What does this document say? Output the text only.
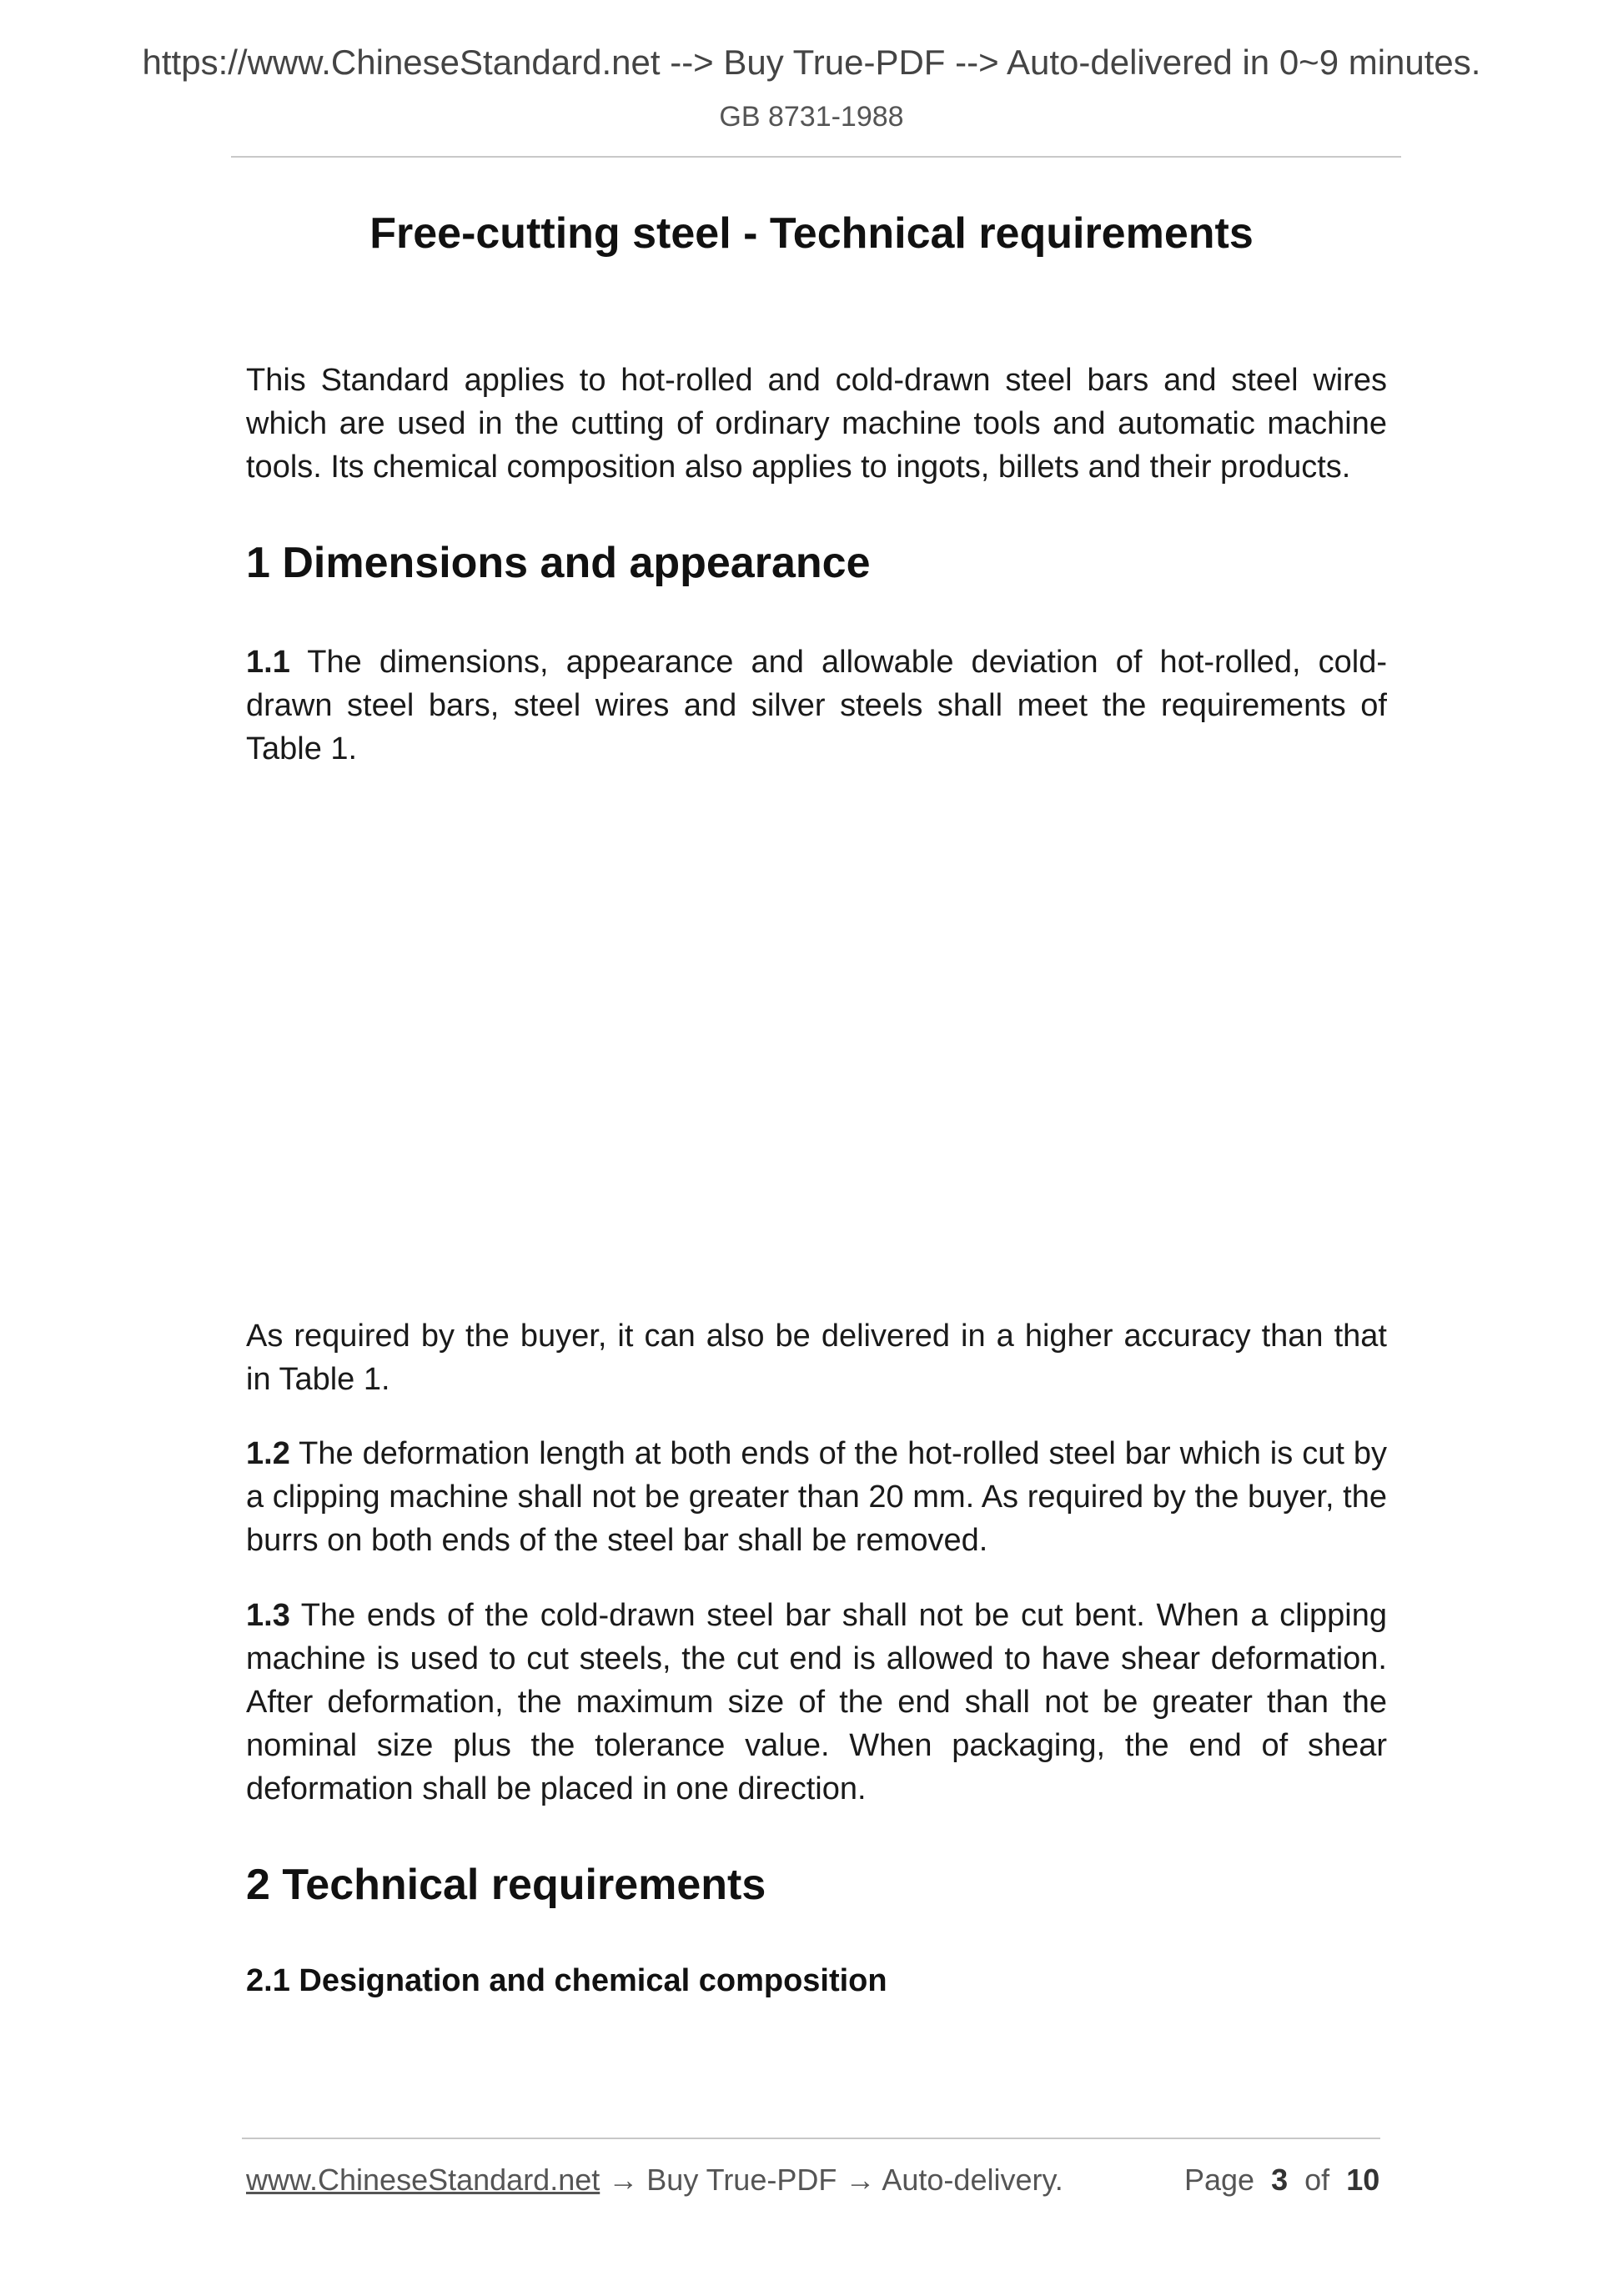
https://www.ChineseStandard.net --> Buy True-PDF --> Auto-delivered in 0~9 minutes.
GB 8731-1988
Free-cutting steel - Technical requirements
This Standard applies to hot-rolled and cold-drawn steel bars and steel wires which are used in the cutting of ordinary machine tools and automatic machine tools. Its chemical composition also applies to ingots, billets and their products.
1 Dimensions and appearance
1.1 The dimensions, appearance and allowable deviation of hot-rolled, cold-drawn steel bars, steel wires and silver steels shall meet the requirements of Table 1.
As required by the buyer, it can also be delivered in a higher accuracy than that in Table 1.
1.2 The deformation length at both ends of the hot-rolled steel bar which is cut by a clipping machine shall not be greater than 20 mm. As required by the buyer, the burrs on both ends of the steel bar shall be removed.
1.3 The ends of the cold-drawn steel bar shall not be cut bent. When a clipping machine is used to cut steels, the cut end is allowed to have shear deformation. After deformation, the maximum size of the end shall not be greater than the nominal size plus the tolerance value. When packaging, the end of shear deformation shall be placed in one direction.
2 Technical requirements
2.1 Designation and chemical composition
www.ChineseStandard.net → Buy True-PDF → Auto-delivery.	Page 3 of 10
